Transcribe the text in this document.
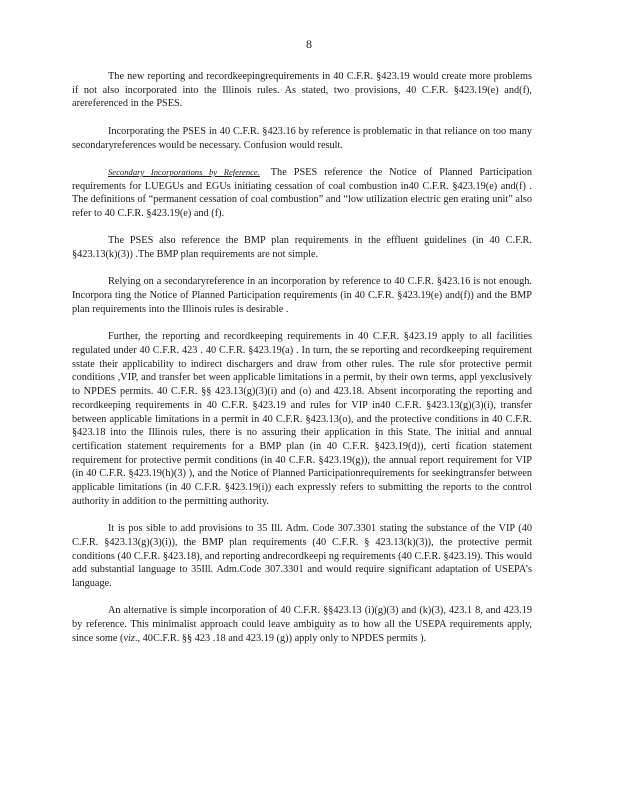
8

The new reporting and recordkeepingrequirements in 40 C.F.R. §423.19 would create more problems if not also incorporated into the Illinois rules. As stated, two provisions, 40 C.F.R. §423.19(e) and(f), arereferenced in the PSES.

Incorporating the PSES in 40 C.F.R. §423.16 by reference is problematic in that reliance on too many secondaryreferences would be necessary. Confusion would result.

Secondary Incorporations by Reference. The PSES reference the Notice of Planned Participation requirements for LUEGUs and EGUs initiating cessation of coal combustion in40 C.F.R. §423.19(e) and(f) . The definitions of “permanent cessation of coal combustion” and “low utilization electric gen erating unit” also refer to 40 C.F.R. §423.19(e) and (f).

The PSES also reference the BMP plan requirements in the effluent guidelines (in 40 C.F.R. §423.13(k)(3)) .The BMP plan requirements are not simple.

Relying on a secondaryreference in an incorporation by reference to 40 C.F.R. §423.16 is not enough. Incorpora ting the Notice of Planned Participation requirements (in 40 C.F.R. §423.19(e) and(f)) and the BMP plan requirements into the Illinois rules is desirable .

Further, the reporting and recordkeeping requirements in 40 C.F.R. §423.19 apply to all facilities regulated under 40 C.F.R. 423 . 40 C.F.R. §423.19(a) . In turn, the se reporting and recordkeeping requirement sstate their applicability to indirect dischargers and draw from other rules. The rule sfor protective permit conditions ,VIP, and transfer bet ween applicable limitations in a permit, by their own terms, appl yexclusively to NPDES permits. 40 C.F.R. §§ 423.13(g)(3)(i) and (o) and 423.18. Absent incorporating the reporting and recordkeeping requirements in 40 C.F.R. §423.19 and rules for VIP in40 C.F.R. §423.13(g)(3)(i), transfer between applicable limitations in a permit in 40 C.F.R. §423.13(o), and the protective conditions in 40 C.F.R. §423.18 into the Illinois rules, there is no assuring their application in this State. The initial and annual certification statement requirements for a BMP plan (in 40 C.F.R. §423.19(d)), certi fication statement requirement for protective permit conditions (in 40 C.F.R. §423.19(g)), the annual report requirement for VIP (in 40 C.F.R. §423.19(h)(3) ), and the Notice of Planned Participationrequirements for seekingtransfer between applicable limitations (in 40 C.F.R. §423.19(i)) each expressly refers to submitting the reports to the control authority in addition to the permitting authority.

It is pos sible to add provisions to 35 Ill. Adm. Code 307.3301 stating the substance of the VIP (40 C.F.R. §423.13(g)(3)(i)), the BMP plan requirements (40 C.F.R. § 423.13(k)(3)), the protective permit conditions (40 C.F.R. §423.18), and reporting andrecordkeepi ng requirements (40 C.F.R. §423.19). This would add substantial language to 35Ill. Adm.Code 307.3301 and would require significant adaptation of USEPA’s language.

An alternative is simple incorporation of 40 C.F.R. §§423.13 (i)(g)(3) and (k)(3), 423.1 8, and 423.19 by reference. This minimalist approach could leave ambiguity as to how all the USEPA requirements apply, since some (viz., 40C.F.R. §§ 423 .18 and 423.19 (g)) apply only to NPDES permits ).
